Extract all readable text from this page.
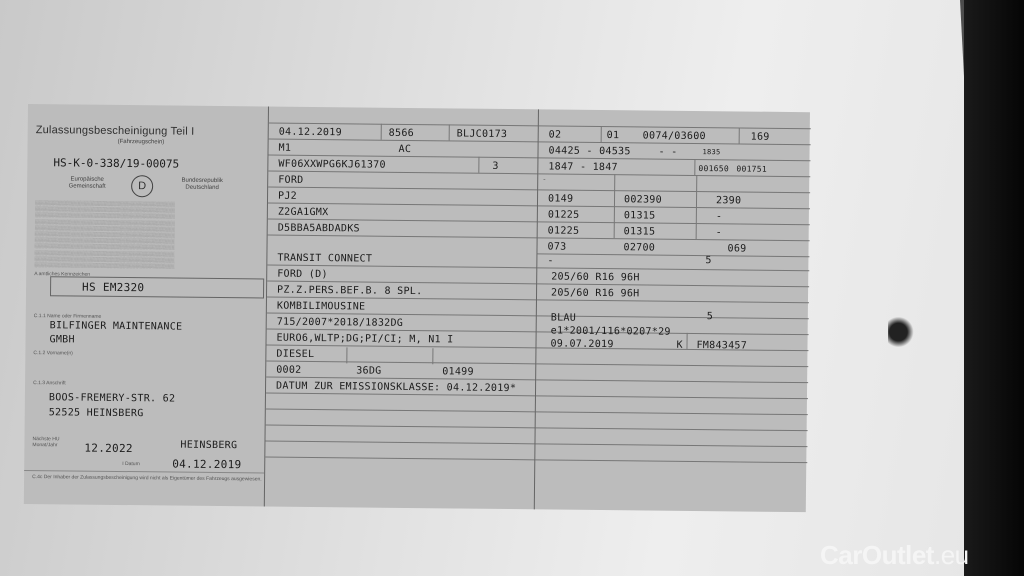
Zulassungsbescheinigung Teil I
(Fahrzeugschein)
HS-K-0-338/19-00075
Europäische Gemeinschaft	D	Bundesrepublik Deutschland
░░░░░░░░░░░░░░░░░░░░░░░░░░░░░░░░░░░░░░░░░░░
░░░░░░░░░░░░░░░░░░░░░░░░░░░░░░░░░░░░░░░░░░░
░░░░░░░░░░░░░░░░░░░░░░░░░░░░░░░░░░░░░░░░░░░
░░░░░░░░░░░░░░░░░░░░░░░░░░░░░░░░░░░░░░░░░░░
░░░░░░░░░░░░░░░░░░░░░░░░░░░░░░░░░░░░░░░░░░░
░░░░░░░░░░░░░░░░░░░░░░░░░░░░░░░░░░░░░░░░░░░
░░░░░░░░░░░░░░░░░░░░░░░░░░░░░░░░░░░░░░░░░░░
░░░░░░░░░░░░░░░░░░░░░░░░░░░░░░░░░░░░░░░░░░░
░░░░░░░░░░░░░░░░░░░░░░░░░░░░░░░░░░░░░░░░░░░
░░░░░░░░░░░░░░░░░░░░░░░░░░░░░░░░░░░░░░░░░░░
░░░░░░░░░░░░░░░░░░░░░░░░░░░░░░░░░░░░░░░░░░░
A amtliches Kennzeichen
HS EM2320
C.1.1 Name oder Firmenname
BILFINGER MAINTENANCE
GMBH
C.1.2 Vorname(n)
C.1.3 Anschrift
BOOS-FREMERY-STR. 62
52525 HEINSBERG
Nächste HU Monat/Jahr	12.2022	HEINSBERG
I Datum	04.12.2019
C.4c Der Inhaber der Zulassungsbescheinigung wird nicht als Eigentümer des Fahrzeugs ausgewiesen.
04.12.2019	8566	BLJC0173
M1	AC
WF06XXWPG6KJ61370	3
FORD
PJ2
Z2GA1GMX
D5BBA5ABDADKS
TRANSIT CONNECT
FORD (D)
PZ.Z.PERS.BEF.B. 8 SPL.
KOMBILIMOUSINE
715/2007*2018/1832DG
EURO6,WLTP;DG;PI/CI; M, N1 I
DIESEL
0002	36DG	01499
DATUM ZUR EMISSIONSKLASSE: 04.12.2019*
02	01 0074/03600	169
04425 - 04535	- -	1835
1847 - 1847	001650 001751
-
0149	002390	2390
01225	01315	-
01225	01315	-
073	02700	069
-	5
205/60 R16 96H
205/60 R16 96H
BLAU	5
e1*2001/116*0207*29
09.07.2019	K FM843457
CarOutlet.eu
